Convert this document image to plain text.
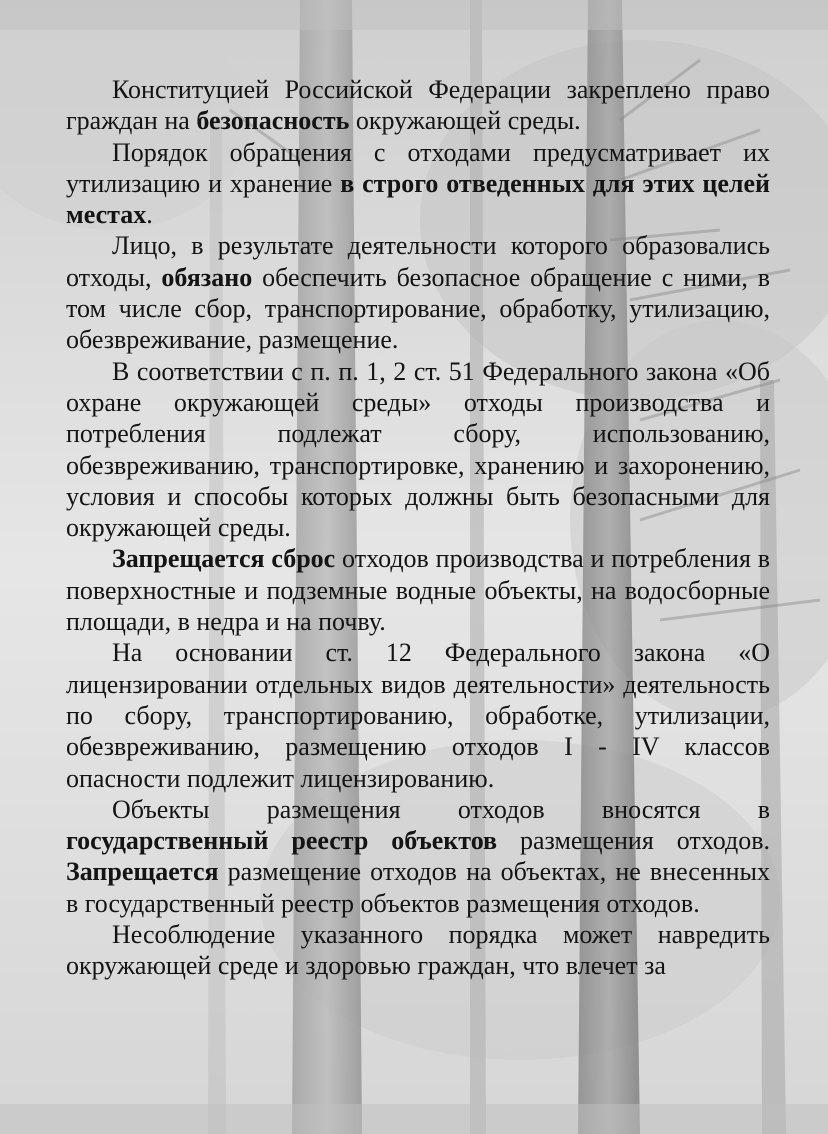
Конституцией Российской Федерации закреплено право граждан на безопасность окружающей среды.

Порядок обращения с отходами предусматривает их утилизацию и хранение в строго отведенных для этих целей местах.

Лицо, в результате деятельности которого образовались отходы, обязано обеспечить безопасное обращение с ними, в том числе сбор, транспортирование, обработку, утилизацию, обезвреживание, размещение.

В соответствии с п. п. 1, 2 ст. 51 Федерального закона «Об охране окружающей среды» отходы производства и потребления подлежат сбору, использованию, обезвреживанию, транспортировке, хранению и захоронению, условия и способы которых должны быть безопасными для окружающей среды.

Запрещается сброс отходов производства и потребления в поверхностные и подземные водные объекты, на водосборные площади, в недра и на почву.

На основании ст. 12 Федерального закона «О лицензировании отдельных видов деятельности» деятельность по сбору, транспортированию, обработке, утилизации, обезвреживанию, размещению отходов I - IV классов опасности подлежит лицензированию.

Объекты размещения отходов вносятся в государственный реестр объектов размещения отходов. Запрещается размещение отходов на объектах, не внесенных в государственный реестр объектов размещения отходов.

Несоблюдение указанного порядка может навредить окружающей среде и здоровью граждан, что влечет за
